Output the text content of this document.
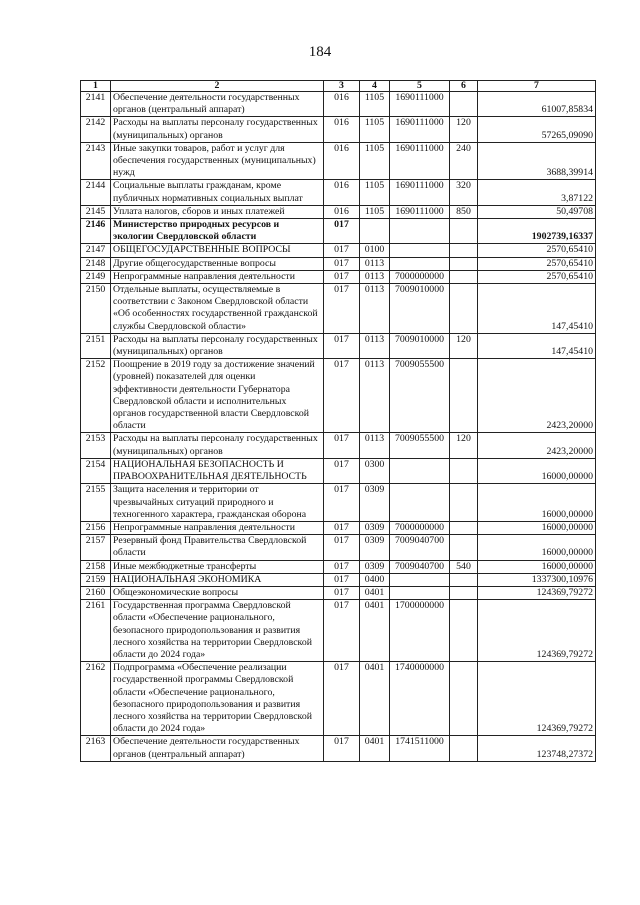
184
1	2	3	4	5	6	7
2141	Обеспечение деятельности государственных органов (центральный аппарат)	016	1105	1690111000		61007,85834
2142	Расходы на выплаты персоналу государственных (муниципальных) органов	016	1105	1690111000	120	57265,09090
2143	Иные закупки товаров, работ и услуг для обеспечения государственных (муниципальных) нужд	016	1105	1690111000	240	3688,39914
2144	Социальные выплаты гражданам, кроме публичных нормативных социальных выплат	016	1105	1690111000	320	3,87122
2145	Уплата налогов, сборов и иных платежей	016	1105	1690111000	850	50,49708
2146	Министерство природных ресурсов и экологии Свердловской области	017				1902739,16337
2147	ОБЩЕГОСУДАРСТВЕННЫЕ ВОПРОСЫ	017	0100			2570,65410
2148	Другие общегосударственные вопросы	017	0113			2570,65410
2149	Непрограммные направления деятельности	017	0113	7000000000		2570,65410
2150	Отдельные выплаты, осуществляемые в соответствии с Законом Свердловской области «Об особенностях государственной гражданской службы Свердловской области»	017	0113	7009010000		147,45410
2151	Расходы на выплаты персоналу государственных (муниципальных) органов	017	0113	7009010000	120	147,45410
2152	Поощрение в 2019 году за достижение значений (уровней) показателей для оценки эффективности деятельности Губернатора Свердловской области и исполнительных органов государственной власти Свердловской области	017	0113	7009055500		2423,20000
2153	Расходы на выплаты персоналу государственных (муниципальных) органов	017	0113	7009055500	120	2423,20000
2154	НАЦИОНАЛЬНАЯ БЕЗОПАСНОСТЬ И ПРАВООХРАНИТЕЛЬНАЯ ДЕЯТЕЛЬНОСТЬ	017	0300			16000,00000
2155	Защита населения и территории от чрезвычайных ситуаций природного и техногенного характера, гражданская оборона	017	0309			16000,00000
2156	Непрограммные направления деятельности	017	0309	7000000000		16000,00000
2157	Резервный фонд Правительства Свердловской области	017	0309	7009040700		16000,00000
2158	Иные межбюджетные трансферты	017	0309	7009040700	540	16000,00000
2159	НАЦИОНАЛЬНАЯ ЭКОНОМИКА	017	0400			1337300,10976
2160	Общеэкономические вопросы	017	0401			124369,79272
2161	Государственная программа Свердловской области «Обеспечение рационального, безопасного природопользования и развития лесного хозяйства на территории Свердловской области до 2024 года»	017	0401	1700000000		124369,79272
2162	Подпрограмма «Обеспечение реализации государственной программы Свердловской области «Обеспечение рационального, безопасного природопользования и развития лесного хозяйства на территории Свердловской области до 2024 года»	017	0401	1740000000		124369,79272
2163	Обеспечение деятельности государственных органов (центральный аппарат)	017	0401	1741511000		123748,27372
